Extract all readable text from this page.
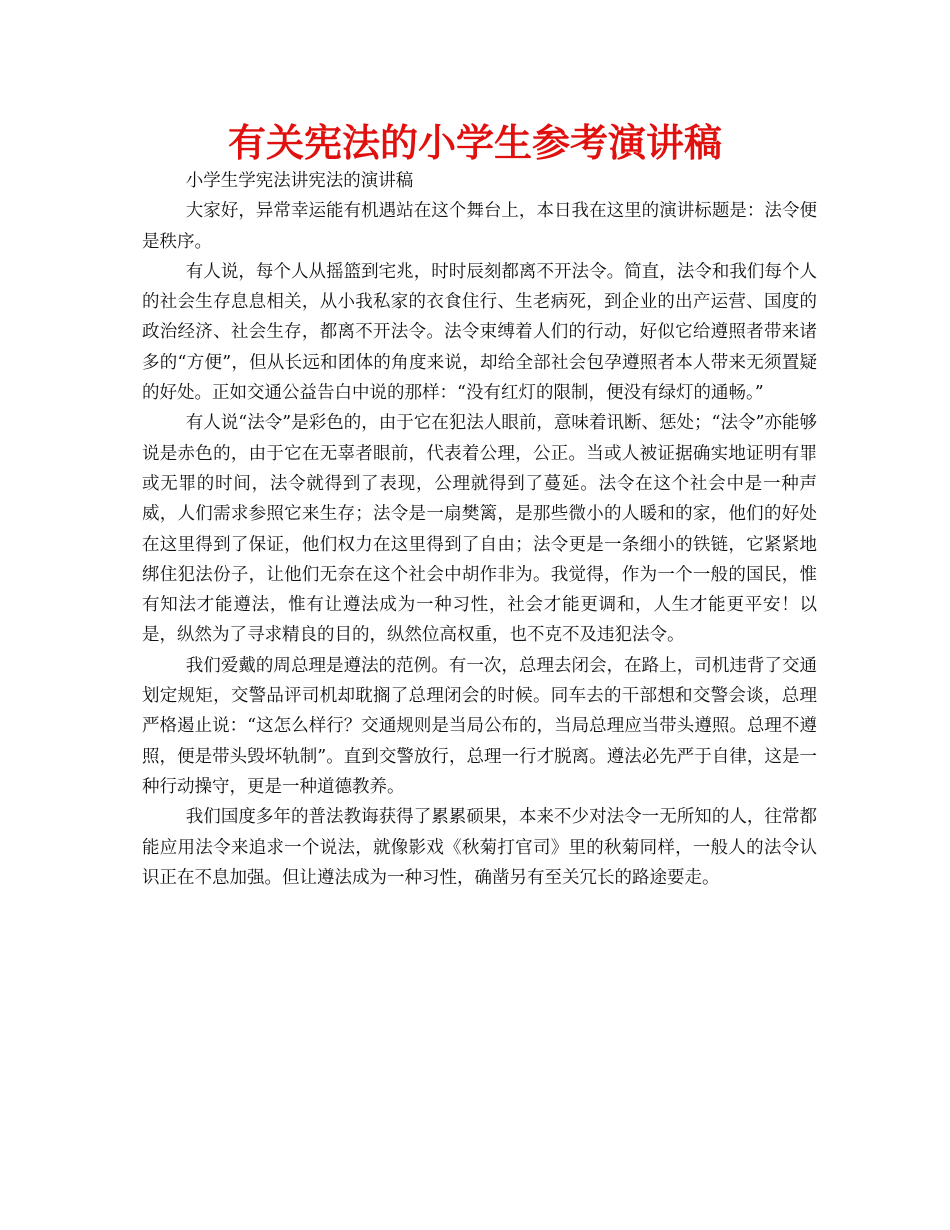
有关宪法的小学生参考演讲稿

小学生学宪法讲宪法的演讲稿

大家好，异常幸运能有机遇站在这个舞台上，本日我在这里的演讲标题是：法令便是秩序。

有人说，每个人从摇篮到宅兆，时时辰刻都离不开法令。简直，法令和我们每个人的社会生存息息相关，从小我私家的衣食住行、生老病死，到企业的出产运营、国度的政治经济、社会生存，都离不开法令。法令束缚着人们的行动，好似它给遵照者带来诸多的“方便”，但从长远和团体的角度来说，却给全部社会包孕遵照者本人带来无须置疑的好处。正如交通公益告白中说的那样：“没有红灯的限制，便没有绿灯的通畅。”

有人说“法令”是彩色的，由于它在犯法人眼前，意味着讯断、惩处；“法令”亦能够说是赤色的，由于它在无辜者眼前，代表着公理，公正。当或人被证据确实地证明有罪或无罪的时间，法令就得到了表现，公理就得到了蔓延。法令在这个社会中是一种声威，人们需求参照它来生存；法令是一扇樊篱，是那些微小的人暖和的家，他们的好处在这里得到了保证，他们权力在这里得到了自由；法令更是一条细小的铁链，它紧紧地绑住犯法份子，让他们无奈在这个社会中胡作非为。我觉得，作为一个一般的国民，惟有知法才能遵法，惟有让遵法成为一种习性，社会才能更调和，人生才能更平安！以是，纵然为了寻求精良的目的，纵然位高权重，也不克不及违犯法令。

我们爱戴的周总理是遵法的范例。有一次，总理去闭会，在路上，司机违背了交通划定规矩，交警品评司机却耽搁了总理闭会的时候。同车去的干部想和交警会谈，总理严格遏止说：“这怎么样行？交通规则是当局公布的，当局总理应当带头遵照。总理不遵照，便是带头毁坏轨制”。直到交警放行，总理一行才脱离。遵法必先严于自律，这是一种行动操守，更是一种道德教养。

我们国度多年的普法教诲获得了累累硕果，本来不少对法令一无所知的人，往常都能应用法令来追求一个说法，就像影戏《秋菊打官司》里的秋菊同样，一般人的法令认识正在不息加强。但让遵法成为一种习性，确凿另有至关冗长的路途要走。
